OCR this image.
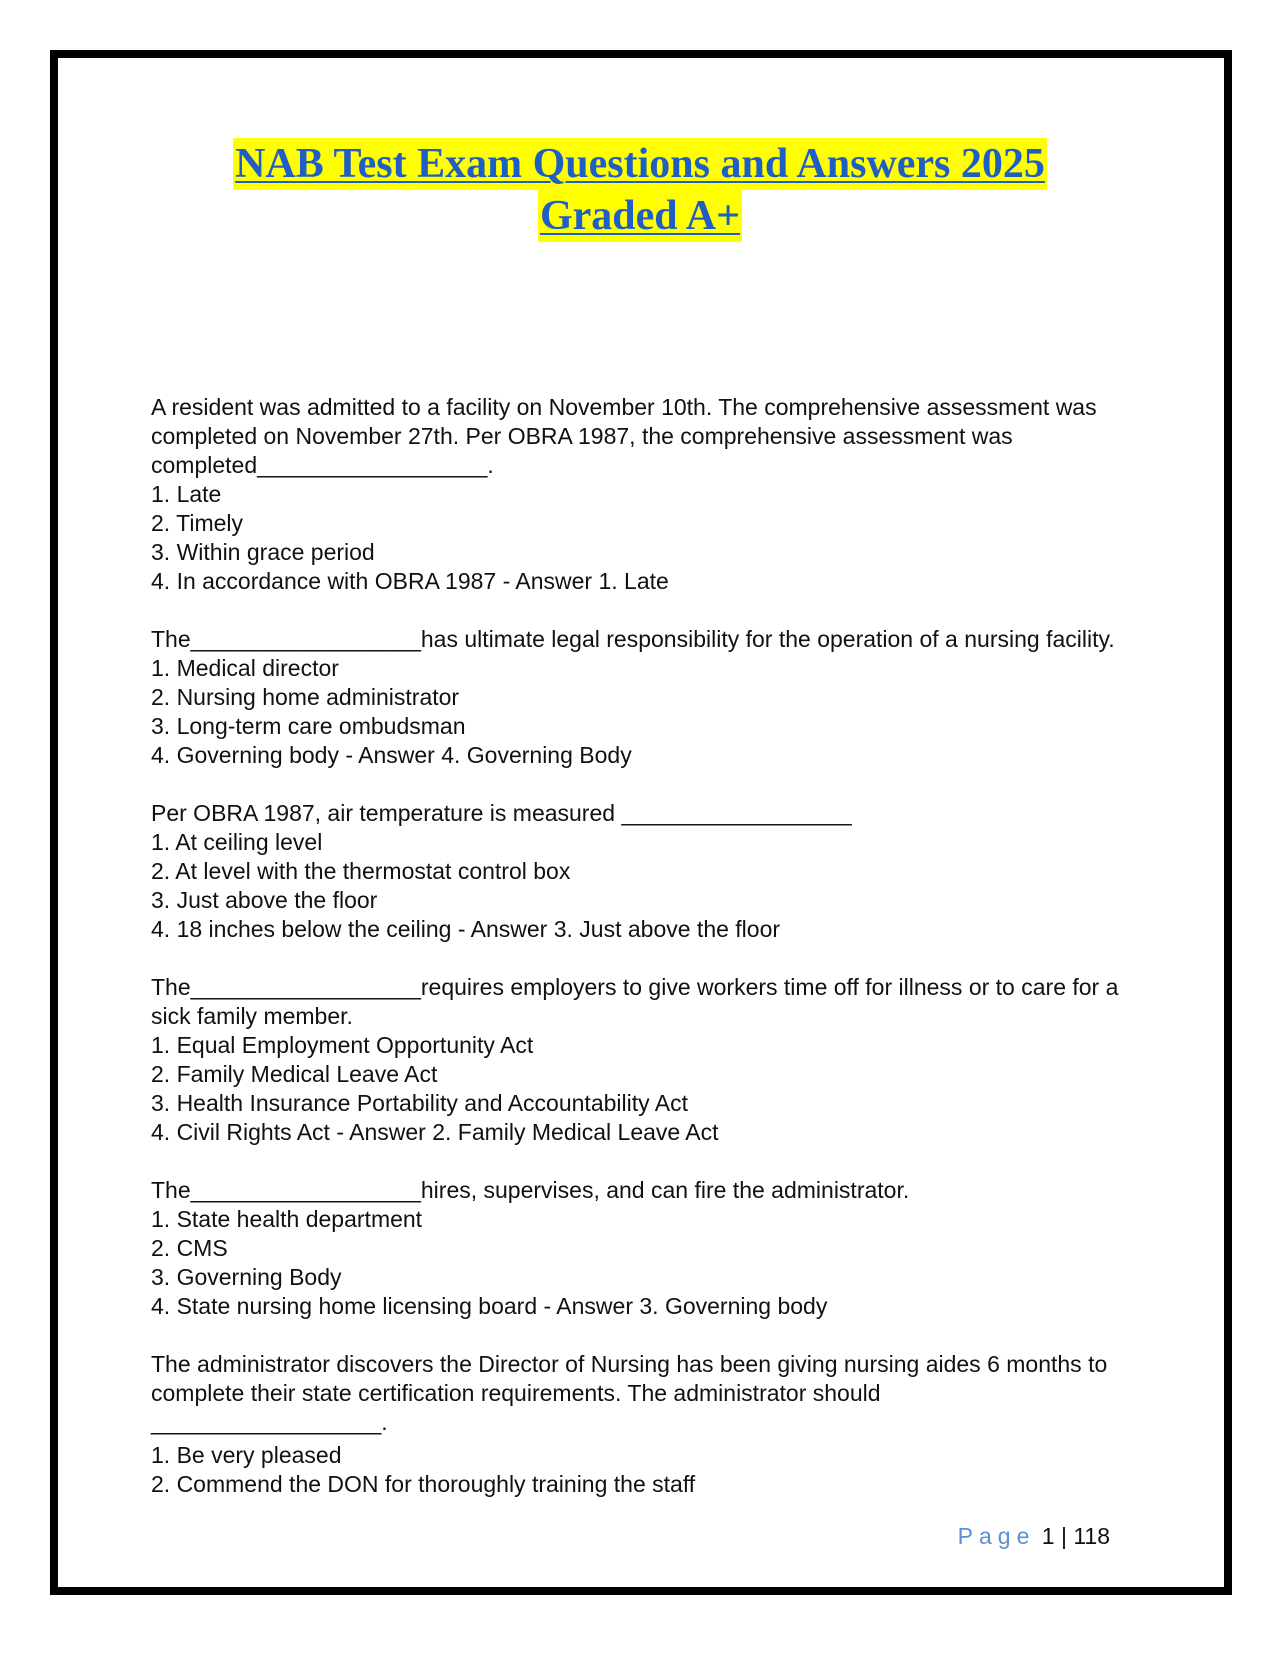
NAB Test Exam Questions and Answers 2025
Graded A+
A resident was admitted to a facility on November 10th. The comprehensive assessment was completed on November 27th. Per OBRA 1987, the comprehensive assessment was completed__________________.
1. Late
2. Timely
3. Within grace period
4. In accordance with OBRA 1987 - Answer 1. Late
The__________________has ultimate legal responsibility for the operation of a nursing facility.
1. Medical director
2. Nursing home administrator
3. Long-term care ombudsman
4. Governing body - Answer 4. Governing Body
Per OBRA 1987, air temperature is measured __________________
1. At ceiling level
2. At level with the thermostat control box
3. Just above the floor
4. 18 inches below the ceiling - Answer 3. Just above the floor
The__________________requires employers to give workers time off for illness or to care for a sick family member.
1. Equal Employment Opportunity Act
2. Family Medical Leave Act
3. Health Insurance Portability and Accountability Act
4. Civil Rights Act - Answer 2. Family Medical Leave Act
The__________________hires, supervises, and can fire the administrator.
1. State health department
2. CMS
3. Governing Body
4. State nursing home licensing board - Answer 3. Governing body
The administrator discovers the Director of Nursing has been giving nursing aides 6 months to complete their state certification requirements. The administrator should
__________________.
1. Be very pleased
2. Commend the DON for thoroughly training the staff
Page 1 | 118
